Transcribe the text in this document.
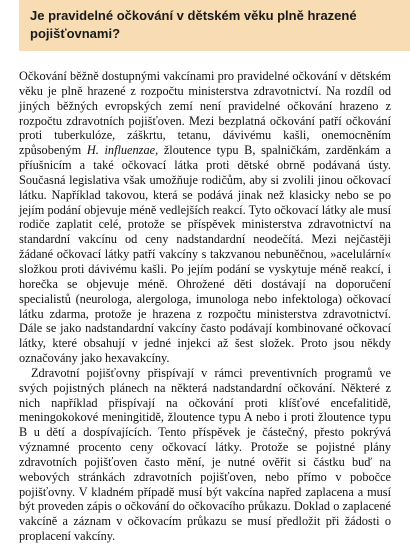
Je pravidelné očkování v dětském věku plně hrazené pojišťovnami?

Očkování běžně dostupnými vakcínami pro pravidelné očkování v dětském věku je plně hrazené z rozpočtu ministerstva zdravotnictví. Na rozdíl od jiných běžných evropských zemí není pravidelné očkování hrazeno z rozpočtu zdravotních pojišťoven. Mezi bezplatná očkování patří očkování proti tuberkulóze, záškrtu, tetanu, dávivému kašli, onemocněním způsobeným H. influenzae, žloutence typu B, spalničkám, zarděnkám a příušnicím a také očkovací látka proti dětské obrně podávaná ústy. Současná legislativa však umožňuje rodičům, aby si zvolili jinou očkovací látku. Například takovou, která se podává jinak než klasicky nebo se po jejím podání objevuje méně vedlejších reakcí. Tyto očkovací látky ale musí rodiče zaplatit celé, protože se příspěvek ministerstva zdravotnictví na standardní vakcínu od ceny nadstandardní neodečítá. Mezi nejčastěji žádané očkovací látky patří vakcíny s takzvanou nebuněčnou, »acelulární« složkou proti dávivému kašli. Po jejím podání se vyskytuje méně reakcí, i horečka se objevuje méně. Ohrožené děti dostávají na doporučení specialistů (neurologa, alergologa, imunologa nebo infektologa) očkovací látku zdarma, protože je hrazena z rozpočtu ministerstva zdravotnictví. Dále se jako nadstandardní vakcíny často podávají kombinované očkovací látky, které obsahují v jedné injekci až šest složek. Proto jsou někdy označovány jako hexavakcíny.

Zdravotní pojišťovny přispívají v rámci preventivních programů ve svých pojistných plánech na některá nadstandardní očkování. Některé z nich například přispívají na očkování proti klíšťové encefalitidě, meningokokové meningitidě, žloutence typu A nebo i proti žloutence typu B u dětí a dospívajících. Tento příspěvek je částečný, přesto pokrývá významné procento ceny očkovací látky. Protože se pojistné plány zdravotních pojišťoven často mění, je nutné ověřit si částku buď na webových stránkách zdravotních pojišťoven, nebo přímo v pobočce pojišťovny. V kladném případě musí být vakcína napřed zaplacena a musí být proveden zápis o očkování do očkovacího průkazu. Doklad o zaplacené vakcíně a záznam v očkovacím průkazu se musí předložit při žádosti o proplacení vakcíny.
